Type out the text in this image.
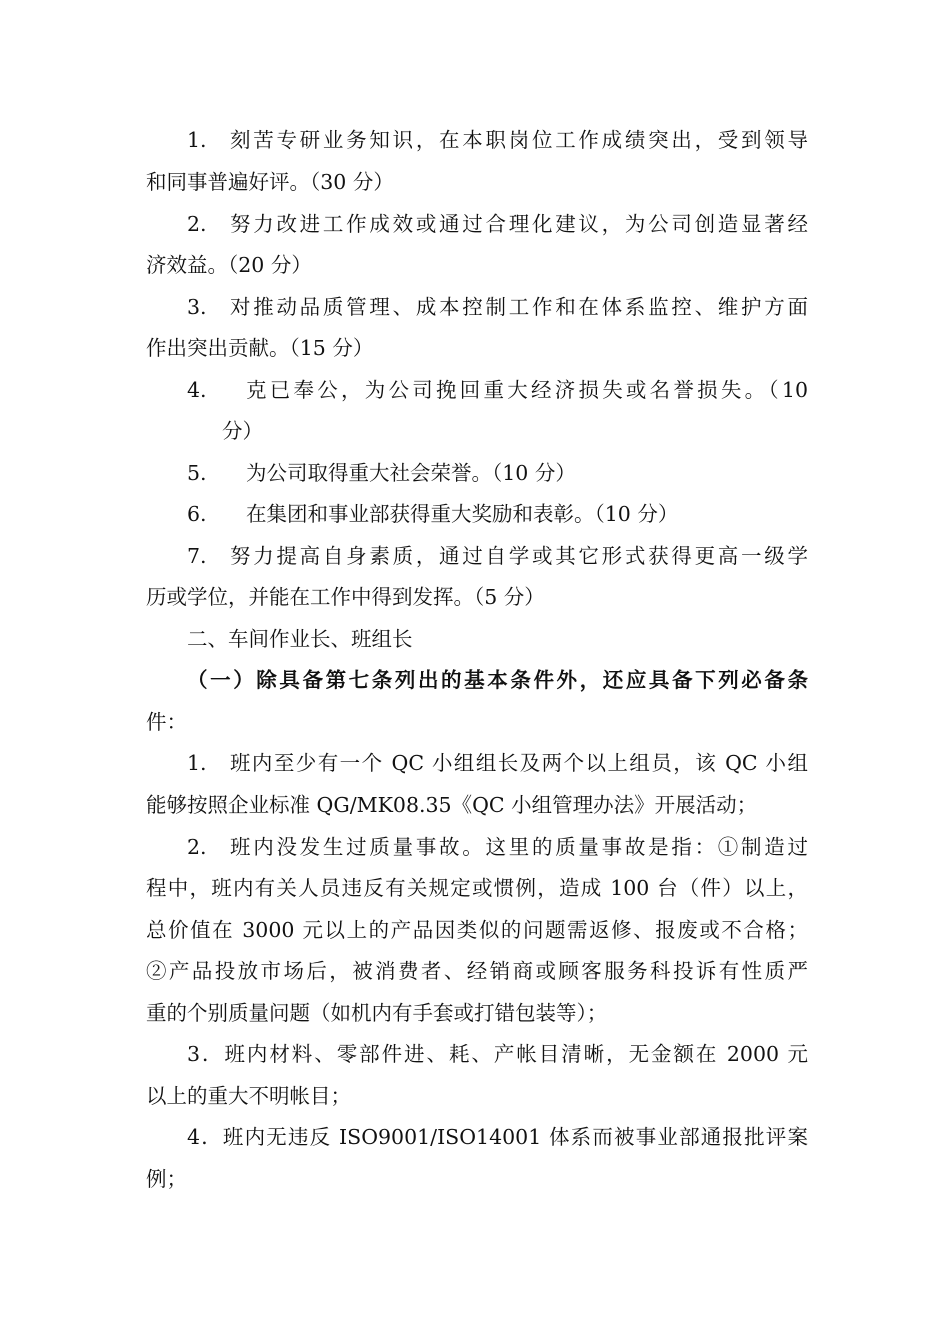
1. 刻苦专研业务知识，在本职岗位工作成绩突出，受到领导
和同事普遍好评。（30 分）
2. 努力改进工作成效或通过合理化建议，为公司创造显著经
济效益。（20 分）
3. 对推动品质管理、成本控制工作和在体系监控、维护方面
作出突出贡献。（15 分）
4. 克已奉公，为公司挽回重大经济损失或名誉损失。（10
分）
5. 为公司取得重大社会荣誉。（10 分）
6. 在集团和事业部获得重大奖励和表彰。（10 分）
7. 努力提高自身素质，通过自学或其它形式获得更高一级学
历或学位，并能在工作中得到发挥。（5 分）
二、车间作业长、班组长
（一）除具备第七条列出的基本条件外，还应具备下列必备条
件：
1. 班内至少有一个 QC 小组组长及两个以上组员，该 QC 小组
能够按照企业标准 QG/MK08.35《QC 小组管理办法》开展活动；
2. 班内没发生过质量事故。这里的质量事故是指：①制造过
程中，班内有关人员违反有关规定或惯例，造成 100 台（件）以上，
总价值在 3000 元以上的产品因类似的问题需返修、报废或不合格；
②产品投放市场后，被消费者、经销商或顾客服务科投诉有性质严
重的个别质量问题（如机内有手套或打错包装等）；
3．班内材料、零部件进、耗、产帐目清晰，无金额在 2000 元
以上的重大不明帐目；
4．班内无违反 ISO9001/ISO14001 体系而被事业部通报批评案
例；
